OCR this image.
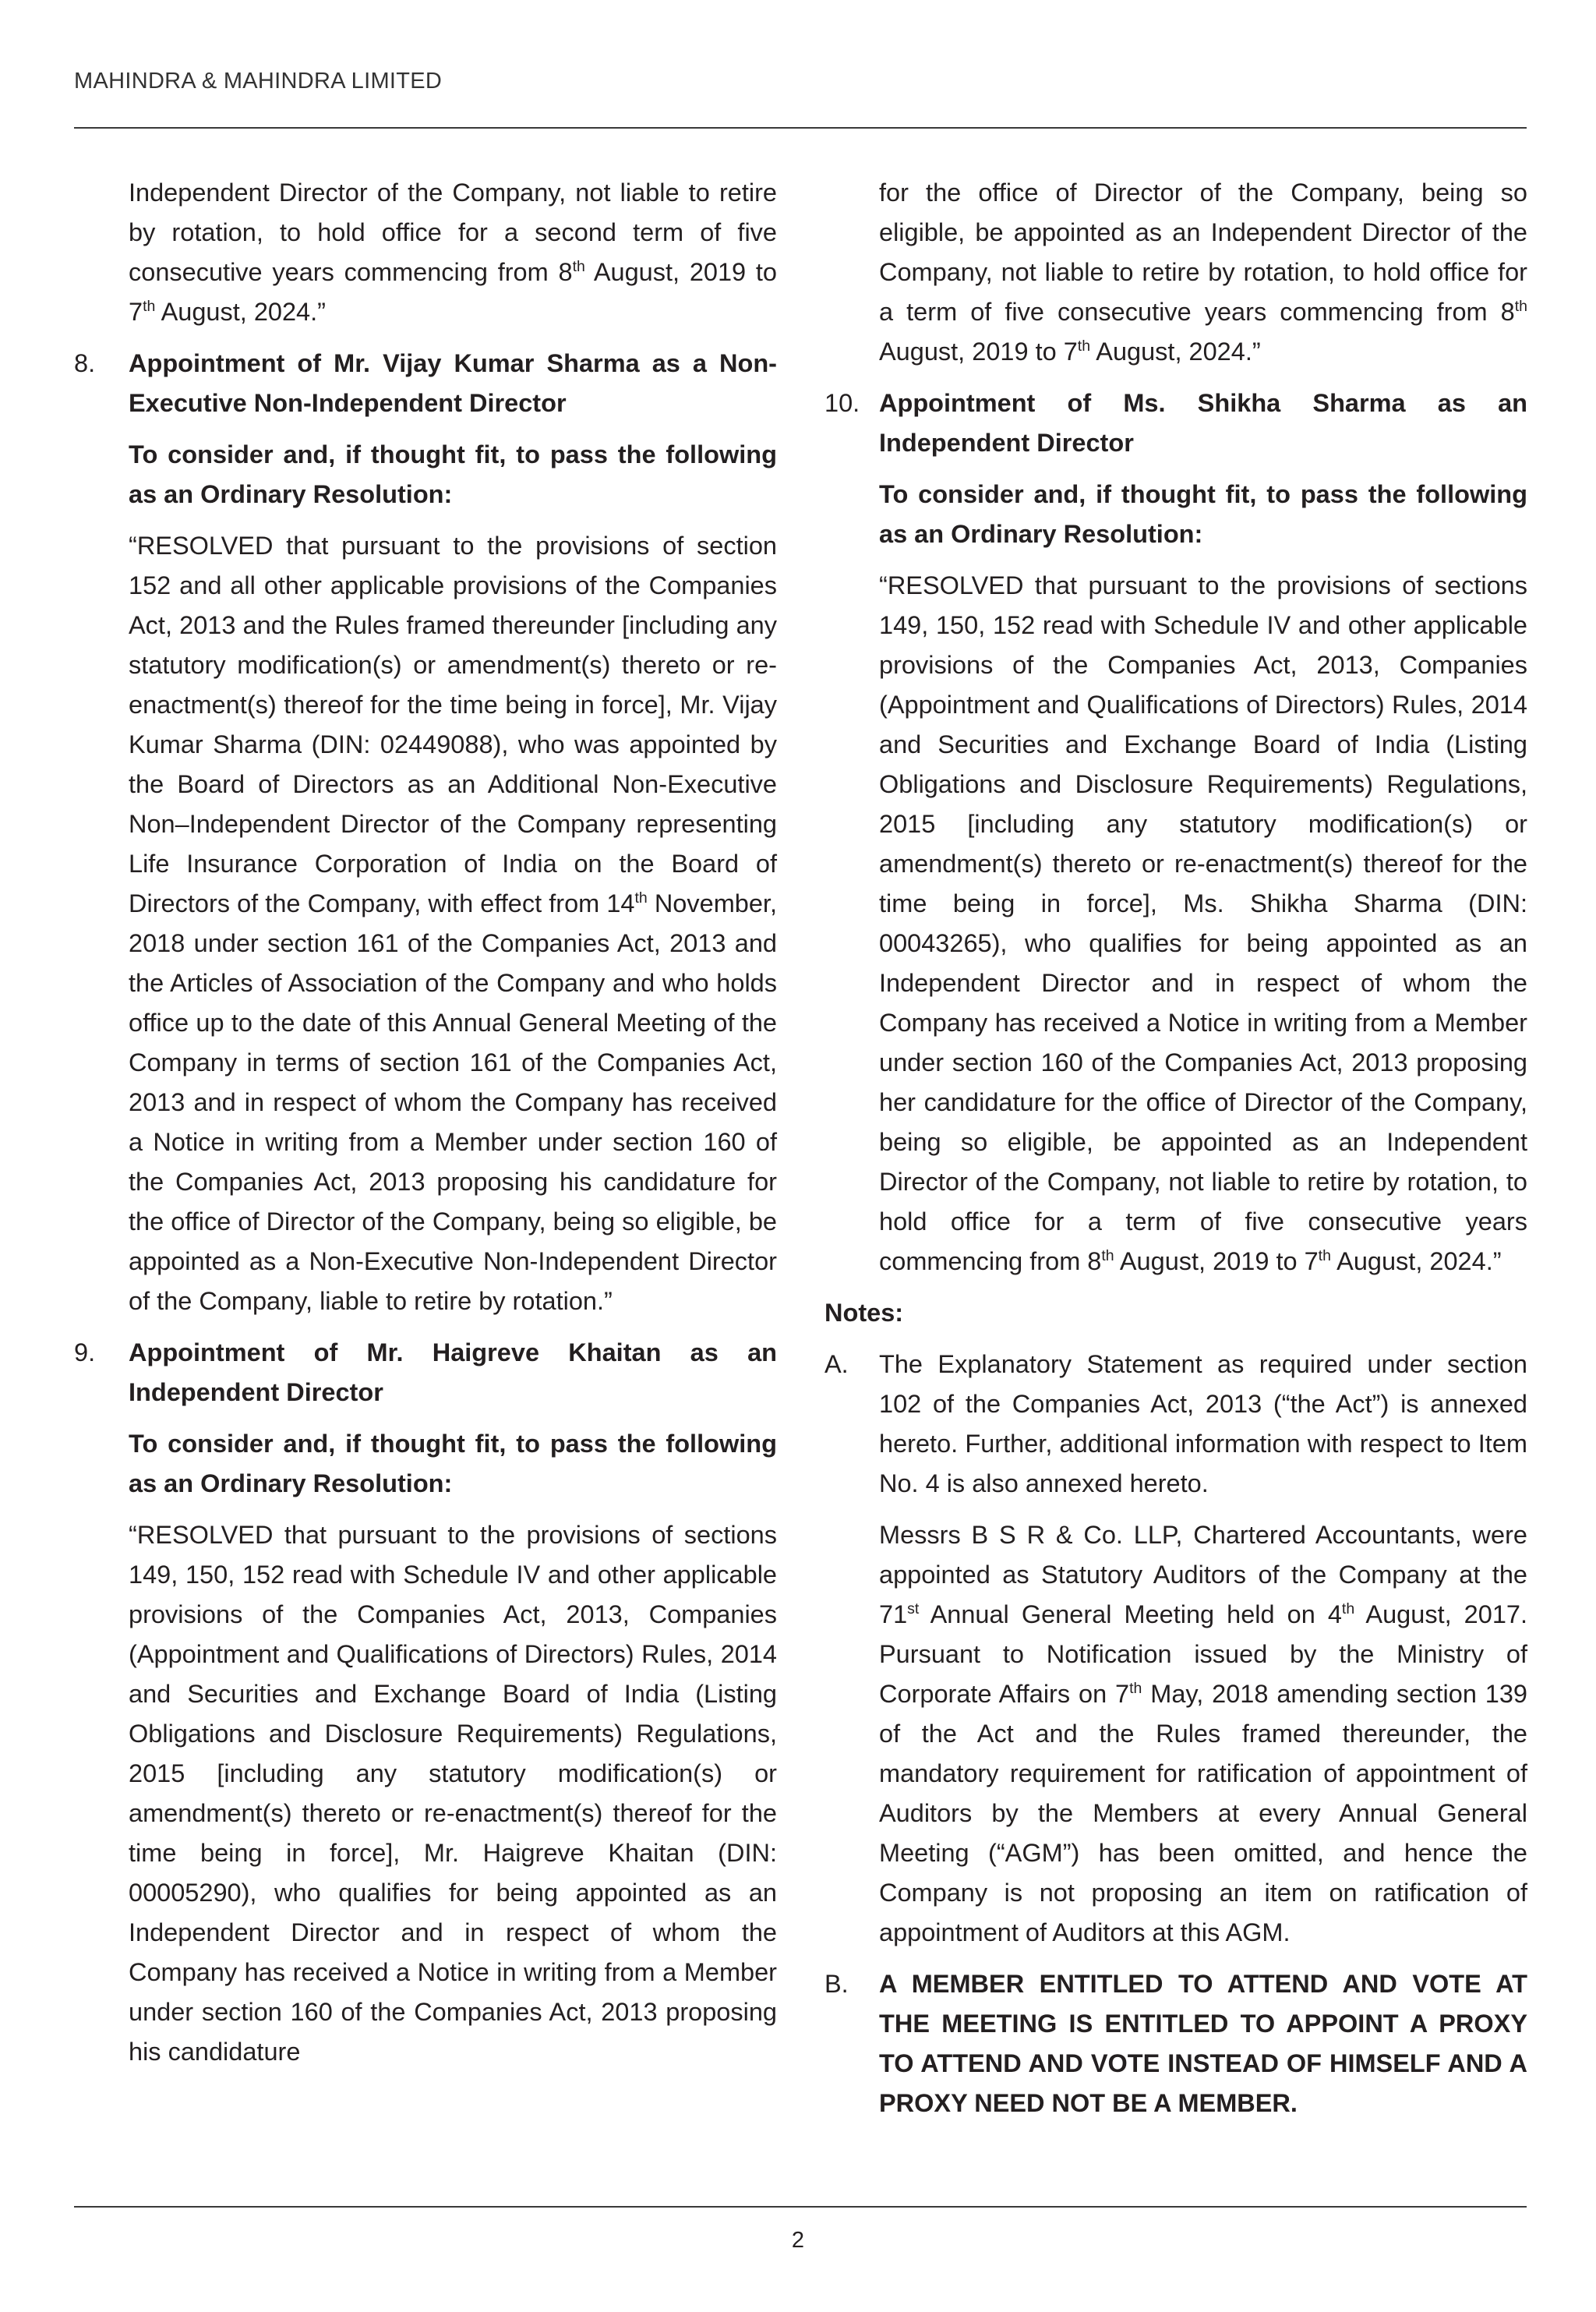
MAHINDRA & MAHINDRA LIMITED

Independent Director of the Company, not liable to retire by rotation, to hold office for a second term of five consecutive years commencing from 8th August, 2019 to 7th August, 2024.”

8.	Appointment of Mr. Vijay Kumar Sharma as a Non-Executive Non-Independent Director

To consider and, if thought fit, to pass the following as an Ordinary Resolution:

“RESOLVED that pursuant to the provisions of section 152 and all other applicable provisions of the Companies Act, 2013 and the Rules framed thereunder [including any statutory modification(s) or amendment(s) thereto or re-enactment(s) thereof for the time being in force], Mr. Vijay Kumar Sharma (DIN: 02449088), who was appointed by the Board of Directors as an Additional Non-Executive Non–Independent Director of the Company representing Life Insurance Corporation of India on the Board of Directors of the Company, with effect from 14th November, 2018 under section 161 of the Companies Act, 2013 and the Articles of Association of the Company and who holds office up to the date of this Annual General Meeting of the Company in terms of section 161 of the Companies Act, 2013 and in respect of whom the Company has received a Notice in writing from a Member under section 160 of the Companies Act, 2013 proposing his candidature for the office of Director of the Company, being so eligible, be appointed as a Non-Executive Non-Independent Director of the Company, liable to retire by rotation.”

9.	Appointment of Mr. Haigreve Khaitan as an Independent Director

To consider and, if thought fit, to pass the following as an Ordinary Resolution:

“RESOLVED that pursuant to the provisions of sections 149, 150, 152 read with Schedule IV and other applicable provisions of the Companies Act, 2013, Companies (Appointment and Qualifications of Directors) Rules, 2014 and Securities and Exchange Board of India (Listing Obligations and Disclosure Requirements) Regulations, 2015 [including any statutory modification(s) or amendment(s) thereto or re-enactment(s) thereof for the time being in force], Mr. Haigreve Khaitan (DIN: 00005290), who qualifies for being appointed as an Independent Director and in respect of whom the Company has received a Notice in writing from a Member under section 160 of the Companies Act, 2013 proposing his candidature

for the office of Director of the Company, being so eligible, be appointed as an Independent Director of the Company, not liable to retire by rotation, to hold office for a term of five consecutive years commencing from 8th August, 2019 to 7th August, 2024.”

10. Appointment of Ms. Shikha Sharma as an Independent Director

To consider and, if thought fit, to pass the following as an Ordinary Resolution:

“RESOLVED that pursuant to the provisions of sections 149, 150, 152 read with Schedule IV and other applicable provisions of the Companies Act, 2013, Companies (Appointment and Qualifications of Directors) Rules, 2014 and Securities and Exchange Board of India (Listing Obligations and Disclosure Requirements) Regulations, 2015 [including any statutory modification(s) or amendment(s) thereto or re-enactment(s) thereof for the time being in force], Ms. Shikha Sharma (DIN: 00043265), who qualifies for being appointed as an Independent Director and in respect of whom the Company has received a Notice in writing from a Member under section 160 of the Companies Act, 2013 proposing her candidature for the office of Director of the Company, being so eligible, be appointed as an Independent Director of the Company, not liable to retire by rotation, to hold office for a term of five consecutive years commencing from 8th August, 2019 to 7th August, 2024.”

Notes:

A.	The Explanatory Statement as required under section 102 of the Companies Act, 2013 (“the Act”) is annexed hereto. Further, additional information with respect to Item No. 4 is also annexed hereto.

Messrs B S R & Co. LLP, Chartered Accountants, were appointed as Statutory Auditors of the Company at the 71st Annual General Meeting held on 4th August, 2017. Pursuant to Notification issued by the Ministry of Corporate Affairs on 7th May, 2018 amending section 139 of the Act and the Rules framed thereunder, the mandatory requirement for ratification of appointment of Auditors by the Members at every Annual General Meeting (“AGM”) has been omitted, and hence the Company is not proposing an item on ratification of appointment of Auditors at this AGM.

B.	A MEMBER ENTITLED TO ATTEND AND VOTE AT THE MEETING IS ENTITLED TO APPOINT A PROXY TO ATTEND AND VOTE INSTEAD OF HIMSELF AND A PROXY NEED NOT BE A MEMBER.

2
